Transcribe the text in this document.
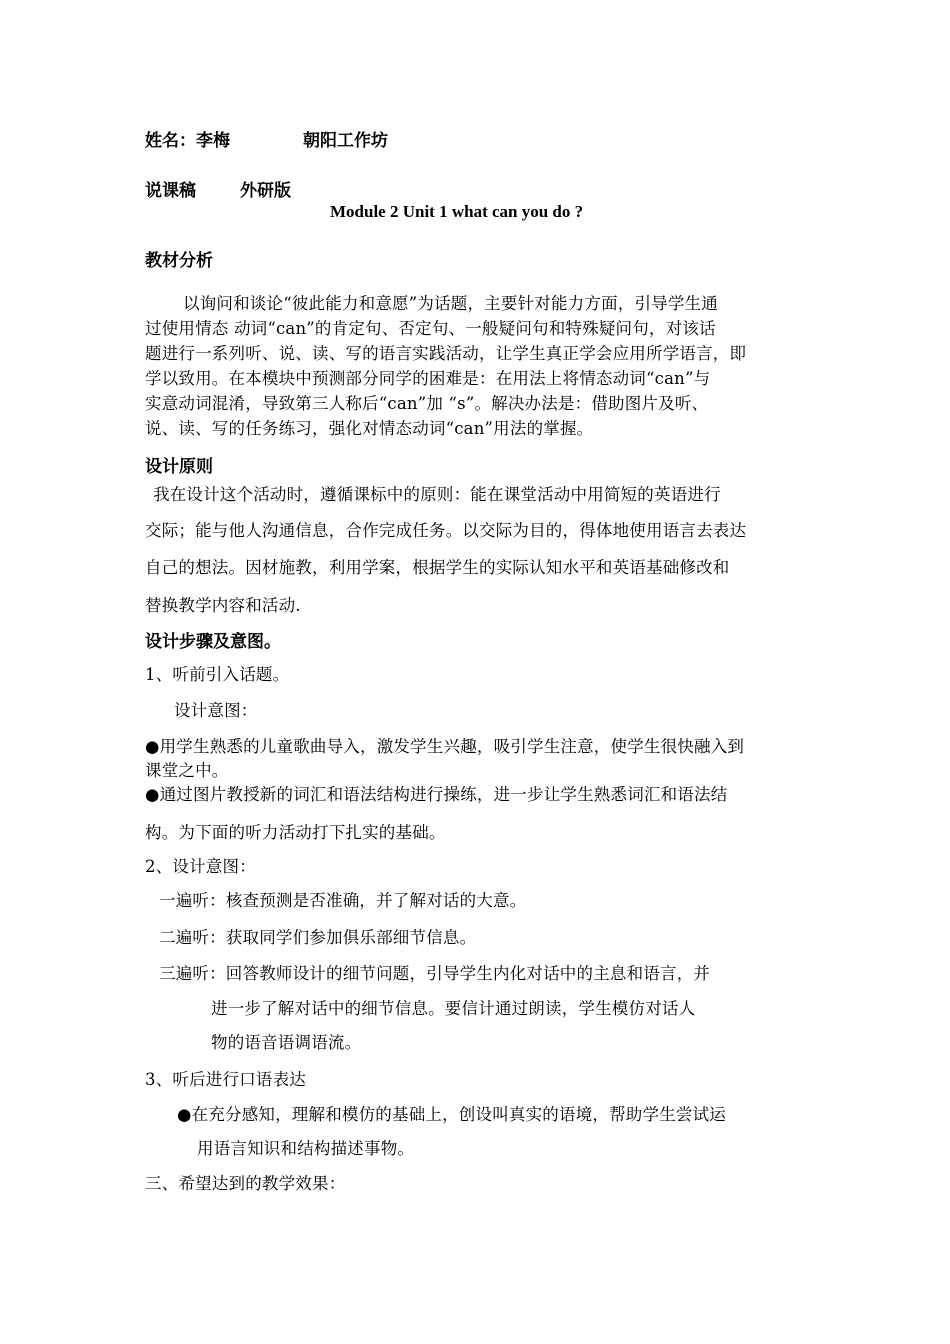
姓名：李梅	朝阳工作坊
说课稿	外研版
Module 2 Unit 1 what can you do ?
教材分析
以询问和谈论“彼此能力和意愿”为话题，主要针对能力方面，引导学生通
过使用情态 动词“can”的肯定句、否定句、一般疑问句和特殊疑问句，对该话
题进行一系列听、说、读、写的语言实践活动，让学生真正学会应用所学语言，即
学以致用。在本模块中预测部分同学的困难是：在用法上将情态动词“can”与
实意动词混淆，导致第三人称后“can”加 “s”。解决办法是：借助图片及听、
说、读、写的任务练习，强化对情态动词“can”用法的掌握。
设计原则
我在设计这个活动时，遵循课标中的原则：能在课堂活动中用简短的英语进行
交际；能与他人沟通信息，合作完成任务。以交际为目的，得体地使用语言去表达
自己的想法。因材施教，利用学案，根据学生的实际认知水平和英语基础修改和
替换教学内容和活动.
设计步骤及意图。
1、听前引入话题。
设计意图：
●用学生熟悉的儿童歌曲导入，激发学生兴趣，吸引学生注意，使学生很快融入到
课堂之中。
●通过图片教授新的词汇和语法结构进行操练，进一步让学生熟悉词汇和语法结
构。为下面的听力活动打下扎实的基础。
2、设计意图：
一遍听：核查预测是否准确，并了解对话的大意。
二遍听：获取同学们参加俱乐部细节信息。
三遍听：回答教师设计的细节问题，引导学生内化对话中的主息和语言，并
进一步了解对话中的细节信息。要信计通过朗读，学生模仿对话人
物的语音语调语流。
3、听后进行口语表达
●在充分感知，理解和模仿的基础上，创设叫真实的语境，帮助学生尝试运
用语言知识和结构描述事物。
三、希望达到的教学效果：
